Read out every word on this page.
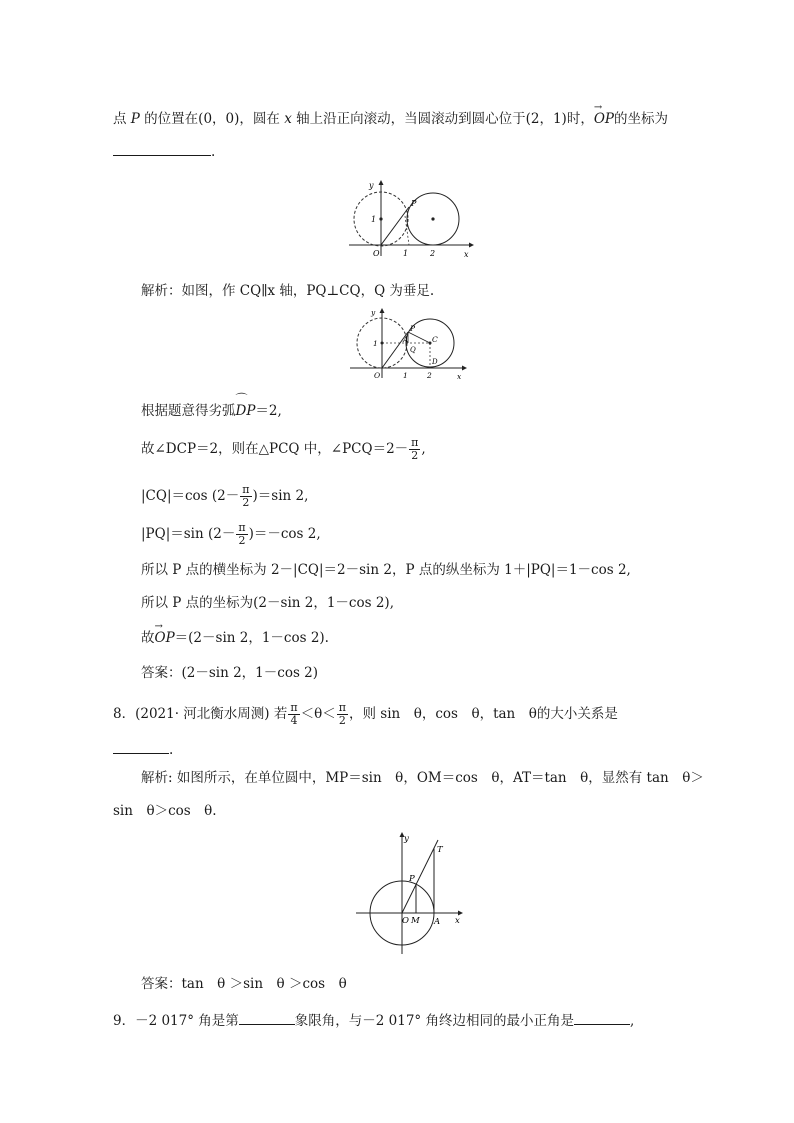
点 P 的位置在(0，0)，圆在 x 轴上沿正向滚动，当圆滚动到圆心位于(2，1)时，→ OP的坐标为
.
y
1
P
O	1	2	x
解析：如图，作 CQ∥x 轴，PQ⊥CQ，Q 为垂足.
y
1
P
A	C
Q
D
O	1	2	x
根据题意得劣弧⌒ DP＝2,
故∠DCP＝2，则在△PCQ 中，∠PCQ＝2－ $\frac{\pi}{2}$ ,
|CQ|＝cos $(2- \frac{\pi}{2} )=\sin$ 2,
|PQ|＝sin $(2- \frac{\pi}{2} )=-\cos$ 2,
所以 P 点的横坐标为 2－|CQ|＝2－sin 2，P 点的纵坐标为 1＋|PQ|＝1－cos 2,
所以 P 点的坐标为(2－sin 2，1－cos 2),
故→ OP＝(2－sin 2，1－cos 2).
答案：(2－sin 2，1－cos 2)
8．(2021· 河北衡水周测) 若 $\frac{\pi}{4} <\theta< \frac{\pi}{2}$ ，则 sin　θ，cos　θ，tan　θ的大小关系是
.
解析: 如图所示，在单位圆中，MP＝sin　θ，OM＝cos　θ，AT＝tan　θ，显然有 tan　θ＞
sin　θ＞cos　θ.
y
T
P
O M A x
答案：tan　θ ＞sin　θ ＞cos　θ
9．－2 017° 角是第	象限角，与－2 017° 角终边相同的最小正角是	,
